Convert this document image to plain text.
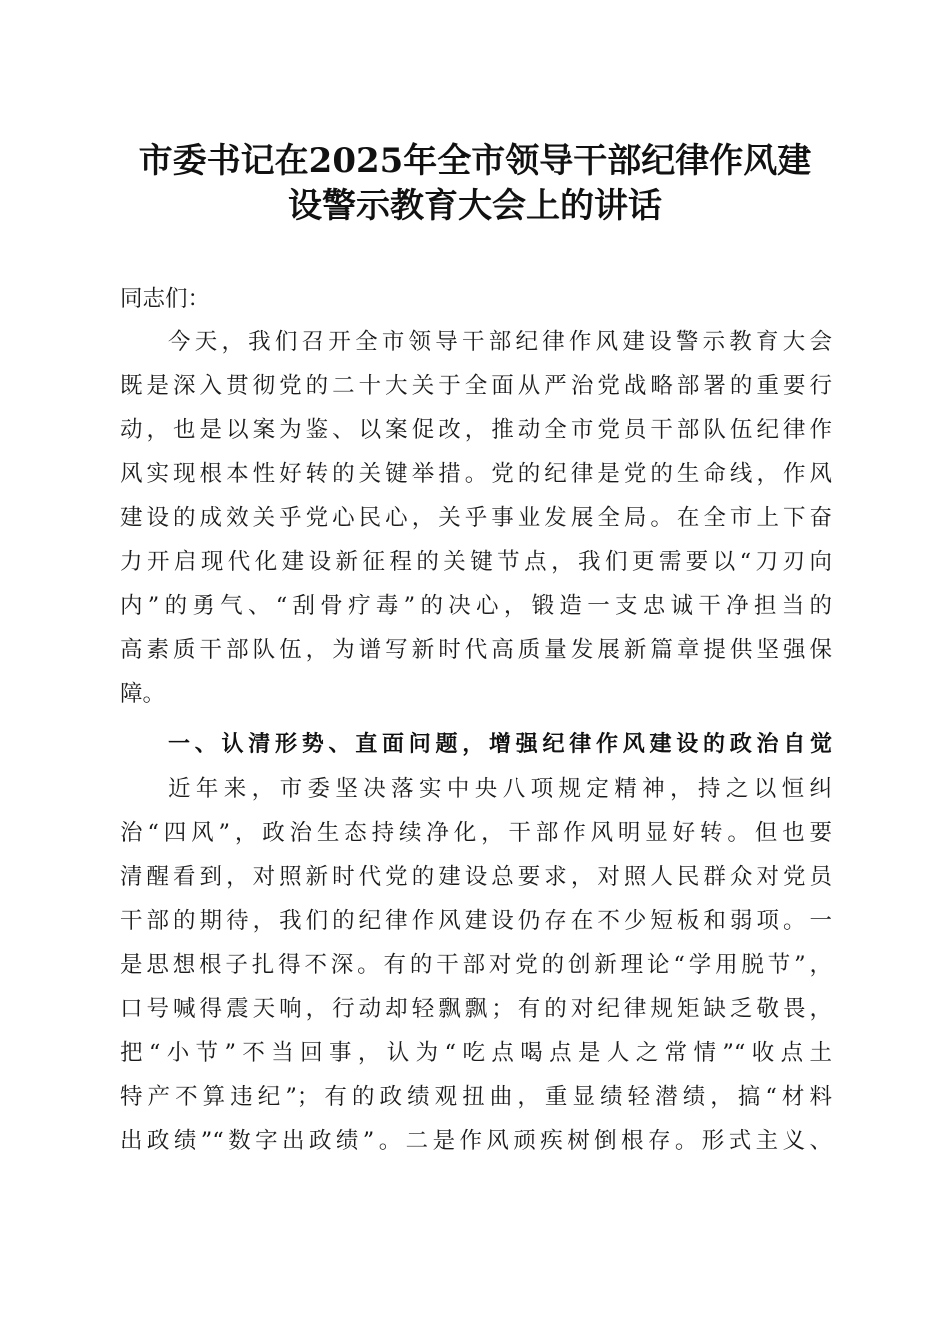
市委书记在2025年全市领导干部纪律作风建
设警示教育大会上的讲话
同志们：
今天，我们召开全市领导干部纪律作风建设警示教育大会
既是深入贯彻党的二十大关于全面从严治党战略部署的重要行
动，也是以案为鉴、以案促改，推动全市党员干部队伍纪律作
风实现根本性好转的关键举措。党的纪律是党的生命线，作风
建设的成效关乎党心民心，关乎事业发展全局。在全市上下奋
力开启现代化建设新征程的关键节点，我们更需要以“刀刃向
内”的勇气、“刮骨疗毒”的决心，锻造一支忠诚干净担当的
高素质干部队伍，为谱写新时代高质量发展新篇章提供坚强保
障。
一、认清形势、直面问题，增强纪律作风建设的政治自觉
近年来，市委坚决落实中央八项规定精神，持之以恒纠
治“四风”，政治生态持续净化，干部作风明显好转。但也要
清醒看到，对照新时代党的建设总要求，对照人民群众对党员
干部的期待，我们的纪律作风建设仍存在不少短板和弱项。一
是思想根子扎得不深。有的干部对党的创新理论“学用脱节”，
口号喊得震天响，行动却轻飘飘；有的对纪律规矩缺乏敬畏，
把“小节”不当回事，认为“吃点喝点是人之常情”“收点土
特产不算违纪”；有的政绩观扭曲，重显绩轻潜绩，搞“材料
出政绩”“数字出政绩”。二是作风顽疾树倒根存。形式主义、
